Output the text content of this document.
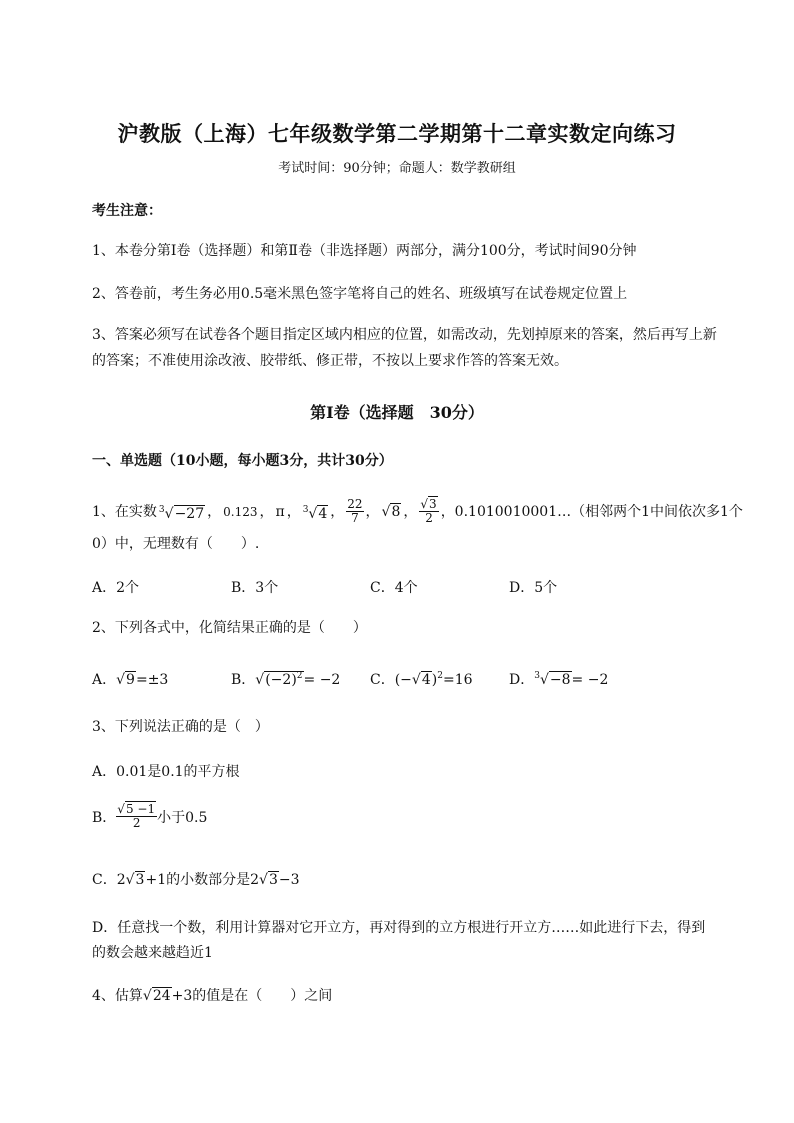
沪教版（上海）七年级数学第二学期第十二章实数定向练习
考试时间：90分钟；命题人：数学教研组
考生注意：
1、本卷分第Ⅰ卷（选择题）和第Ⅱ卷（非选择题）两部分，满分100分，考试时间90分钟
2、答卷前，考生务必用0.5毫米黑色签字笔将自己的姓名、班级填写在试卷规定位置上
3、答案必须写在试卷各个题目指定区域内相应的位置，如需改动，先划掉原来的答案，然后再写上新
的答案；不准使用涂改液、胶带纸、修正带，不按以上要求作答的答案无效。
第Ⅰ卷（选择题　30分）
一、单选题（10小题，每小题3分，共计30分）
1、在实数 $^3$√−27 ， 0.123 ， π ， $^3$√4 ， $\frac{22}{7}$ ， √8 ， $\frac{√3}{2}$ ，0.1010010001…（相邻两个1中间依次多1个
0）中，无理数有（　　）.
A．2个	B．3个	C．4个	D．5个
2、下列各式中，化简结果正确的是（　　）
A．√9=±3	B．$√(-2)^2= -2$ C．$(-√4)^2=16$	D．$^3$√−8= −2
3、下列说法正确的是（　）
A．0.01是0.1的平方根
B． $\frac{√5 -1}{2}$ 小于0.5
C．2√3+1的小数部分是2√3−3
D．任意找一个数，利用计算器对它开立方，再对得到的立方根进行开立方……如此进行下去，得到
的数会越来越趋近1
4、估算√24+3的值是在（　　）之间
